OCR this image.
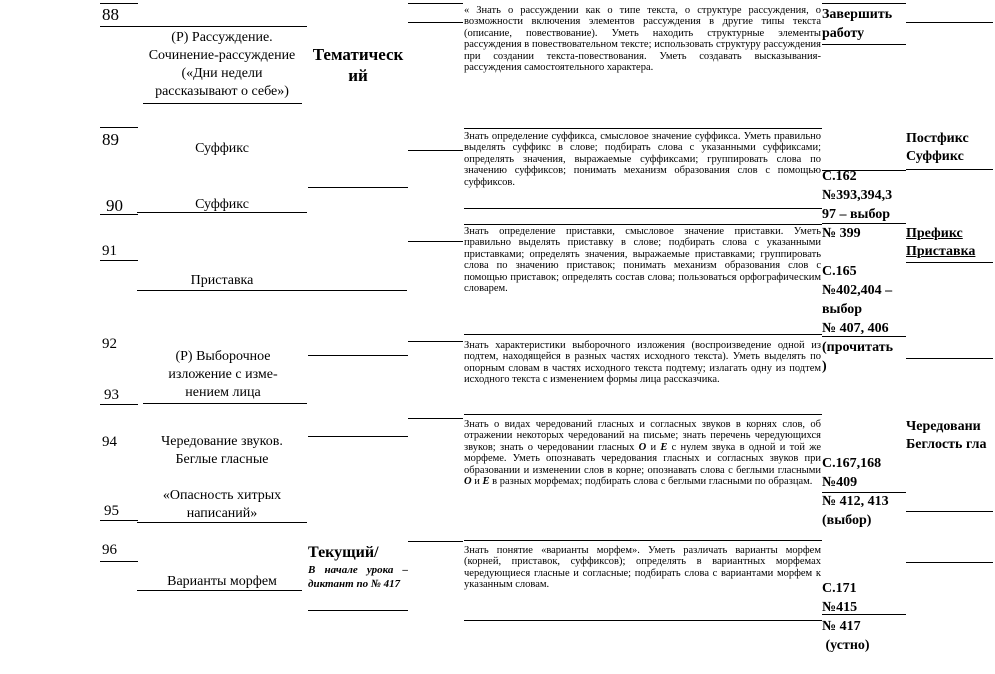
88
(Р) Рассуждение.
Сочинение-рассуждение
(«Дни недели
рассказывают о себе»)
Тематическ
ий
« Знать о рассуждении как о типе текста, о структуре рассуждения, о возможности включения элементов рассуждения в другие типы текста (описание, повествование). Уметь находить структурные элементы рассуждения в повествовательном тексте; использовать структуру рассуждения при создании текста-повествования. Уметь создавать высказывания-рассуждения самостоятельного характера.
Завершить
работу
89
90
Суффикс
Суффикс
Знать определение суффикса, смысловое значение суффикса. Уметь правильно выделять суффикс в слове; подбирать слова с указанными суффиксами; определять значения, выражаемые суффиксами; группировать слова по значению суффиксов; понимать механизм образования слов с помощью суффиксов.

	С.162
№393,394,3
97 – выбор
№ 399

Постфикс
Суффикс
91
Приставка
Знать определение приставки, смысловое значение приставки. Уметь правильно выделять приставку в слове; подбирать слова с указанными приставками; определять значения, выражаемые приставками; группировать слова по значению приставок; понимать механизм образования слов с помощью приставок; определять состав слова; пользоваться орфографическим словарем.

С.165
№402,404 –
выбор
№ 407, 406
(прочитать
)

Префикс
Приставка
92
93
(Р) Выборочное
изложение с изме-
нением лица
Знать характеристики выборочного изложения (воспроизведение одной из подтем, находящейся в разных частях исходного текста). Уметь выделять по опорным словам в частях исходного текста подтему; излагать одну из подтем исходного текста с изменением формы лица рассказчика.
94
95
Чередование звуков.
Беглые гласные
«Опасность хитрых
написаний»
Знать о видах чередований гласных и согласных звуков в корнях слов, об отражении некоторых чередований на письме; знать перечень чередующихся звуков; знать о чередовании гласных О и Е с нулем звука в одной и той же морфеме. Уметь опознавать чередования гласных и согласных звуков при образовании и изменении слов в корне; опознавать слова с беглыми гласными О и Е в разных морфемах; подбирать слова с беглыми гласными по образцам.

С.167,168
№409
№ 412, 413
(выбор)

Чередовани
Беглость гла
96
Варианты морфем
Текущий/
В начале урока – диктант по № 417
Знать понятие «варианты морфем». Уметь различать варианты морфем (корней, приставок, суффиксов); определять в вариантных морфемах чередующиеся гласные и согласные; подбирать слова с вариантами морфем к указанным словам.

	С.171
№415
№ 417
(устно)
